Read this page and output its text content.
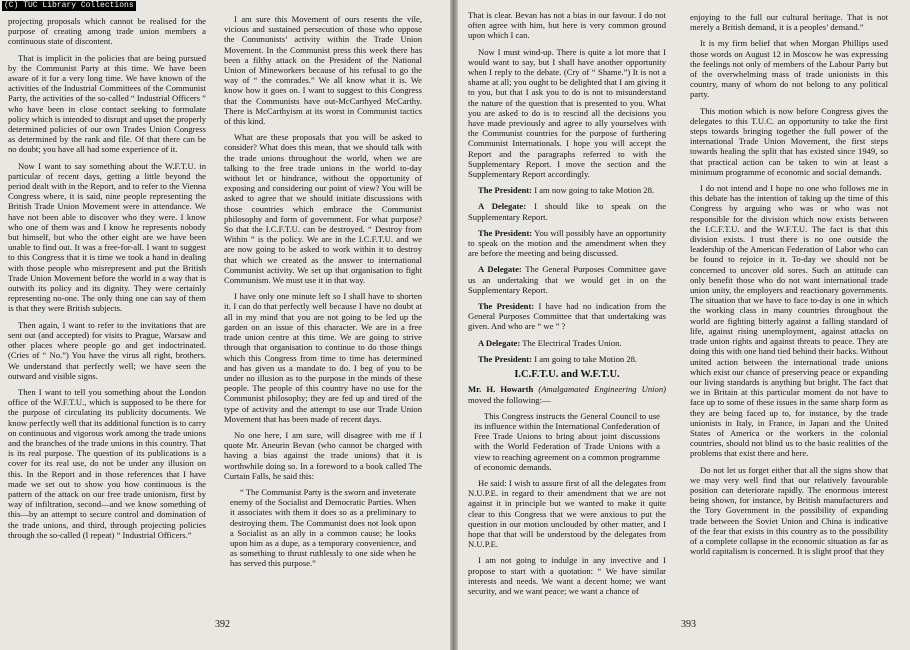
(C) TUC Library Collections

projecting proposals which cannot be realised for the purpose of creating among trade union members a continuous state of discontent.

That is implicit in the policies that are being pursued by the Communist Party at this time. We have been aware of it for a very long time. We have known of the activities of the Industrial Committees of the Communist Party, the activities of the so-called “ Industrial Officers ” who have been in close contact seeking to formulate policy which is intended to disrupt and upset the properly determined policies of our own Trades Union Congress as determined by the rank and file. Of that there can be no doubt; you have all had some experience of it.

Now I want to say something about the W.F.T.U. in particular of recent days, getting a little beyond the period dealt with in the Report, and to refer to the Vienna Congress where, it is said, nine people representing the British Trade Union Movement were in attendance. We have not been able to discover who they were. I know who one of them was and I know he represents nobody but himself, but who the other eight are we have been unable to find out. It was a free-for-all. I want to suggest to this Congress that it is time we took a hand in dealing with those people who misrepresent and put the British Trade Union Movement before the world in a way that is outwith its policy and its dignity. They were certainly representing no-one. The only thing one can say of them is that they were British subjects.

Then again, I want to refer to the invitations that are sent out (and accepted) for visits to Prague, Warsaw and other places where people go and get indoctrinated. (Cries of “ No.”) You have the virus all right, brothers. We understand that perfectly well; we have seen the outward and visible signs.

Then I want to tell you something about the London office of the W.F.T.U., which is supposed to be there for the purpose of circulating its publicity documents. We know perfectly well that its additional function is to carry on continuous and vigorous work among the trade unions and the branches of the trade unions in this country. That is its real purpose. The question of its publications is a cover for its real use, do not be under any illusion on this. In the Report and in those references that I have made we set out to show you how continuous is the pattern of the attack on our free trade unionism, first by way of infiltration, second—and we know something of this—by an attempt to secure control and domination of the trade unions, and third, through projecting policies through the so-called (I repeat) “ Industrial Officers.”

I am sure this Movement of ours resents the vile, vicious and sustained persecution of those who oppose the Communists’ activity within the Trade Union Movement. In the Communist press this week there has been a filthy attack on the President of the National Union of Mineworkers because of his refusal to go the way of “ the comrades.” We all know what it is. We know how it goes on. I want to suggest to this Congress that the Communists have out-McCarthyed McCarthy. There is McCarthyism at its worst in Communist tactics of this kind.

What are these proposals that you will be asked to consider? What does this mean, that we should talk with the trade unions throughout the world, when we are talking to the free trade unions in the world to-day without let or hindrance, without the opportunity of exposing and considering our point of view? You will be asked to agree that we should initiate discussions with those countries which embrace the Communist philosophy and form of government. For what purpose? So that the I.C.F.T.U. can be destroyed. “ Destroy from Within ” is the policy. We are in the I.C.F.T.U. and we are now going to be asked to work within it to destroy that which we created as the answer to international Communist activity. We set up that organisation to fight Communism. We must use it in that way.

I have only one minute left so I shall have to shorten it. I can do that perfectly well because I have no doubt at all in my mind that you are not going to be led up the garden on an issue of this character. We are in a free trade union centre at this time. We are going to strive through that organisation to continue to do those things which this Congress from time to time has determined and has given us a mandate to do. I beg of you to be under no illusion as to the purpose in the minds of these people. The people of this country have no use for the Communist philosophy; they are fed up and tired of the type of activity and the attempt to use our Trade Union Movement that has been made of recent days.

No one here, I am sure, will disagree with me if I quote Mr. Aneurin Bevan (who cannot be charged with having a bias against the trade unions) that it is worthwhile doing so. In a foreword to a book called The Curtain Falls, he said this:

“ The Communist Party is the sworn and inveterate enemy of the Socialist and Democratic Parties. When it associates with them it does so as a preliminary to destroying them. The Communist does not look upon a Socialist as an ally in a common cause; he looks upon him as a dupe, as a temporary convenience, and as something to thrust ruthlessly to one side when he has served this purpose.”

392

That is clear. Bevan has not a bias in our favour. I do not often agree with him, but here is very common ground upon which I can.

Now I must wind-up. There is quite a lot more that I would want to say, but I shall have another opportunity when I reply to the debate. (Cry of “ Shame.”) It is not a shame at all; you ought to be delighted that I am giving it to you, but that I ask you to do is not to misunderstand the nature of the question that is presented to you. What you are asked to do is to rescind all the decisions you have made previously and agree to ally yourselves with the Communist countries for the purpose of furthering Communist Internationals. I hope you will accept the Report and the paragraphs referred to with the Supplementary Report. I move the section and the Supplementary Report accordingly.

The President: I am now going to take Motion 28.

A Delegate: I should like to speak on the Supplementary Report.

The President: You will possibly have an opportunity to speak on the motion and the amendment when they are before the meeting and being discussed.

A Delegate: The General Purposes Committee gave us an undertaking that we would get in on the Supplementary Report.

The President: I have had no indication from the General Purposes Committee that that undertaking was given. And who are “ we ” ?

A Delegate: The Electrical Trades Union.

The President: I am going to take Motion 28.

I.C.F.T.U. and W.F.T.U.

Mr. H. Howarth (Amalgamated Engineering Union) moved the following:—

This Congress instructs the General Council to use its influence within the International Confederation of Free Trade Unions to bring about joint discussions with the World Federation of Trade Unions with a view to reaching agreement on a common programme of economic demands.

He said: I wish to assure first of all the delegates from N.U.P.E. in regard to their amendment that we are not against it in principle but we wanted to make it quite clear to this Congress that we were anxious to put the question in our motion unclouded by other matter, and I hope that that will be understood by the delegates from N.U.P.E.

I am not going to indulge in any invective and I propose to start with a quotation: “ We have similar interests and needs. We want a decent home; we want security, and we want peace; we want a chance of

enjoying to the full our cultural heritage. That is not merely a British demand, it is a peoples’ demand.”

It is my firm belief that when Morgan Phillips used those words on August 12 in Moscow he was expressing the feelings not only of members of the Labour Party but of the overwhelming mass of trade unionists in this country, many of whom do not belong to any political party.

This motion which is now before Congress gives the delegates to this T.U.C. an opportunity to take the first steps towards bringing together the full power of the international Trade Union Movement, the first steps towards healing the split that has existed since 1949, so that practical action can be taken to win at least a minimum programme of economic and social demands.

I do not intend and I hope no one who follows me in this debate has the intention of taking up the time of this Congress by arguing who was or who was not responsible for the division which now exists between the I.C.F.T.U. and the W.F.T.U. The fact is that this division exists. I trust there is no one outside the leadership of the American Federation of Labor who can be found to rejoice in it. To-day we should not be concerned to uncover old sores. Such an attitude can only benefit those who do not want international trade union unity, the employers and reactionary governments. The situation that we have to face to-day is one in which the working class in many countries throughout the world are fighting bitterly against a falling standard of life, against rising unemployment, against attacks on trade union rights and against threats to peace. They are doing this with one hand tied behind their backs. Without united action between the international trade unions which exist our chance of preserving peace or expanding our living standards is anything but bright. The fact that we in Britain at this particular moment do not have to face up to some of these issues in the same sharp form as they are being faced up to, for instance, by the trade unionists in Italy, in France, in Japan and the United States of America or the workers in the colonial countries, should not blind us to the basic realities of the problems that exist there and here.

Do not let us forget either that all the signs show that we may very well find that our relatively favourable position can deteriorate rapidly. The enormous interest being shown, for instance, by British manufacturers and the Tory Government in the possibility of expanding trade between the Soviet Union and China is indicative of the fear that exists in this country as to the possibility of a complete collapse in the economic situation as far as world capitalism is concerned. It is slight proof that they

393
